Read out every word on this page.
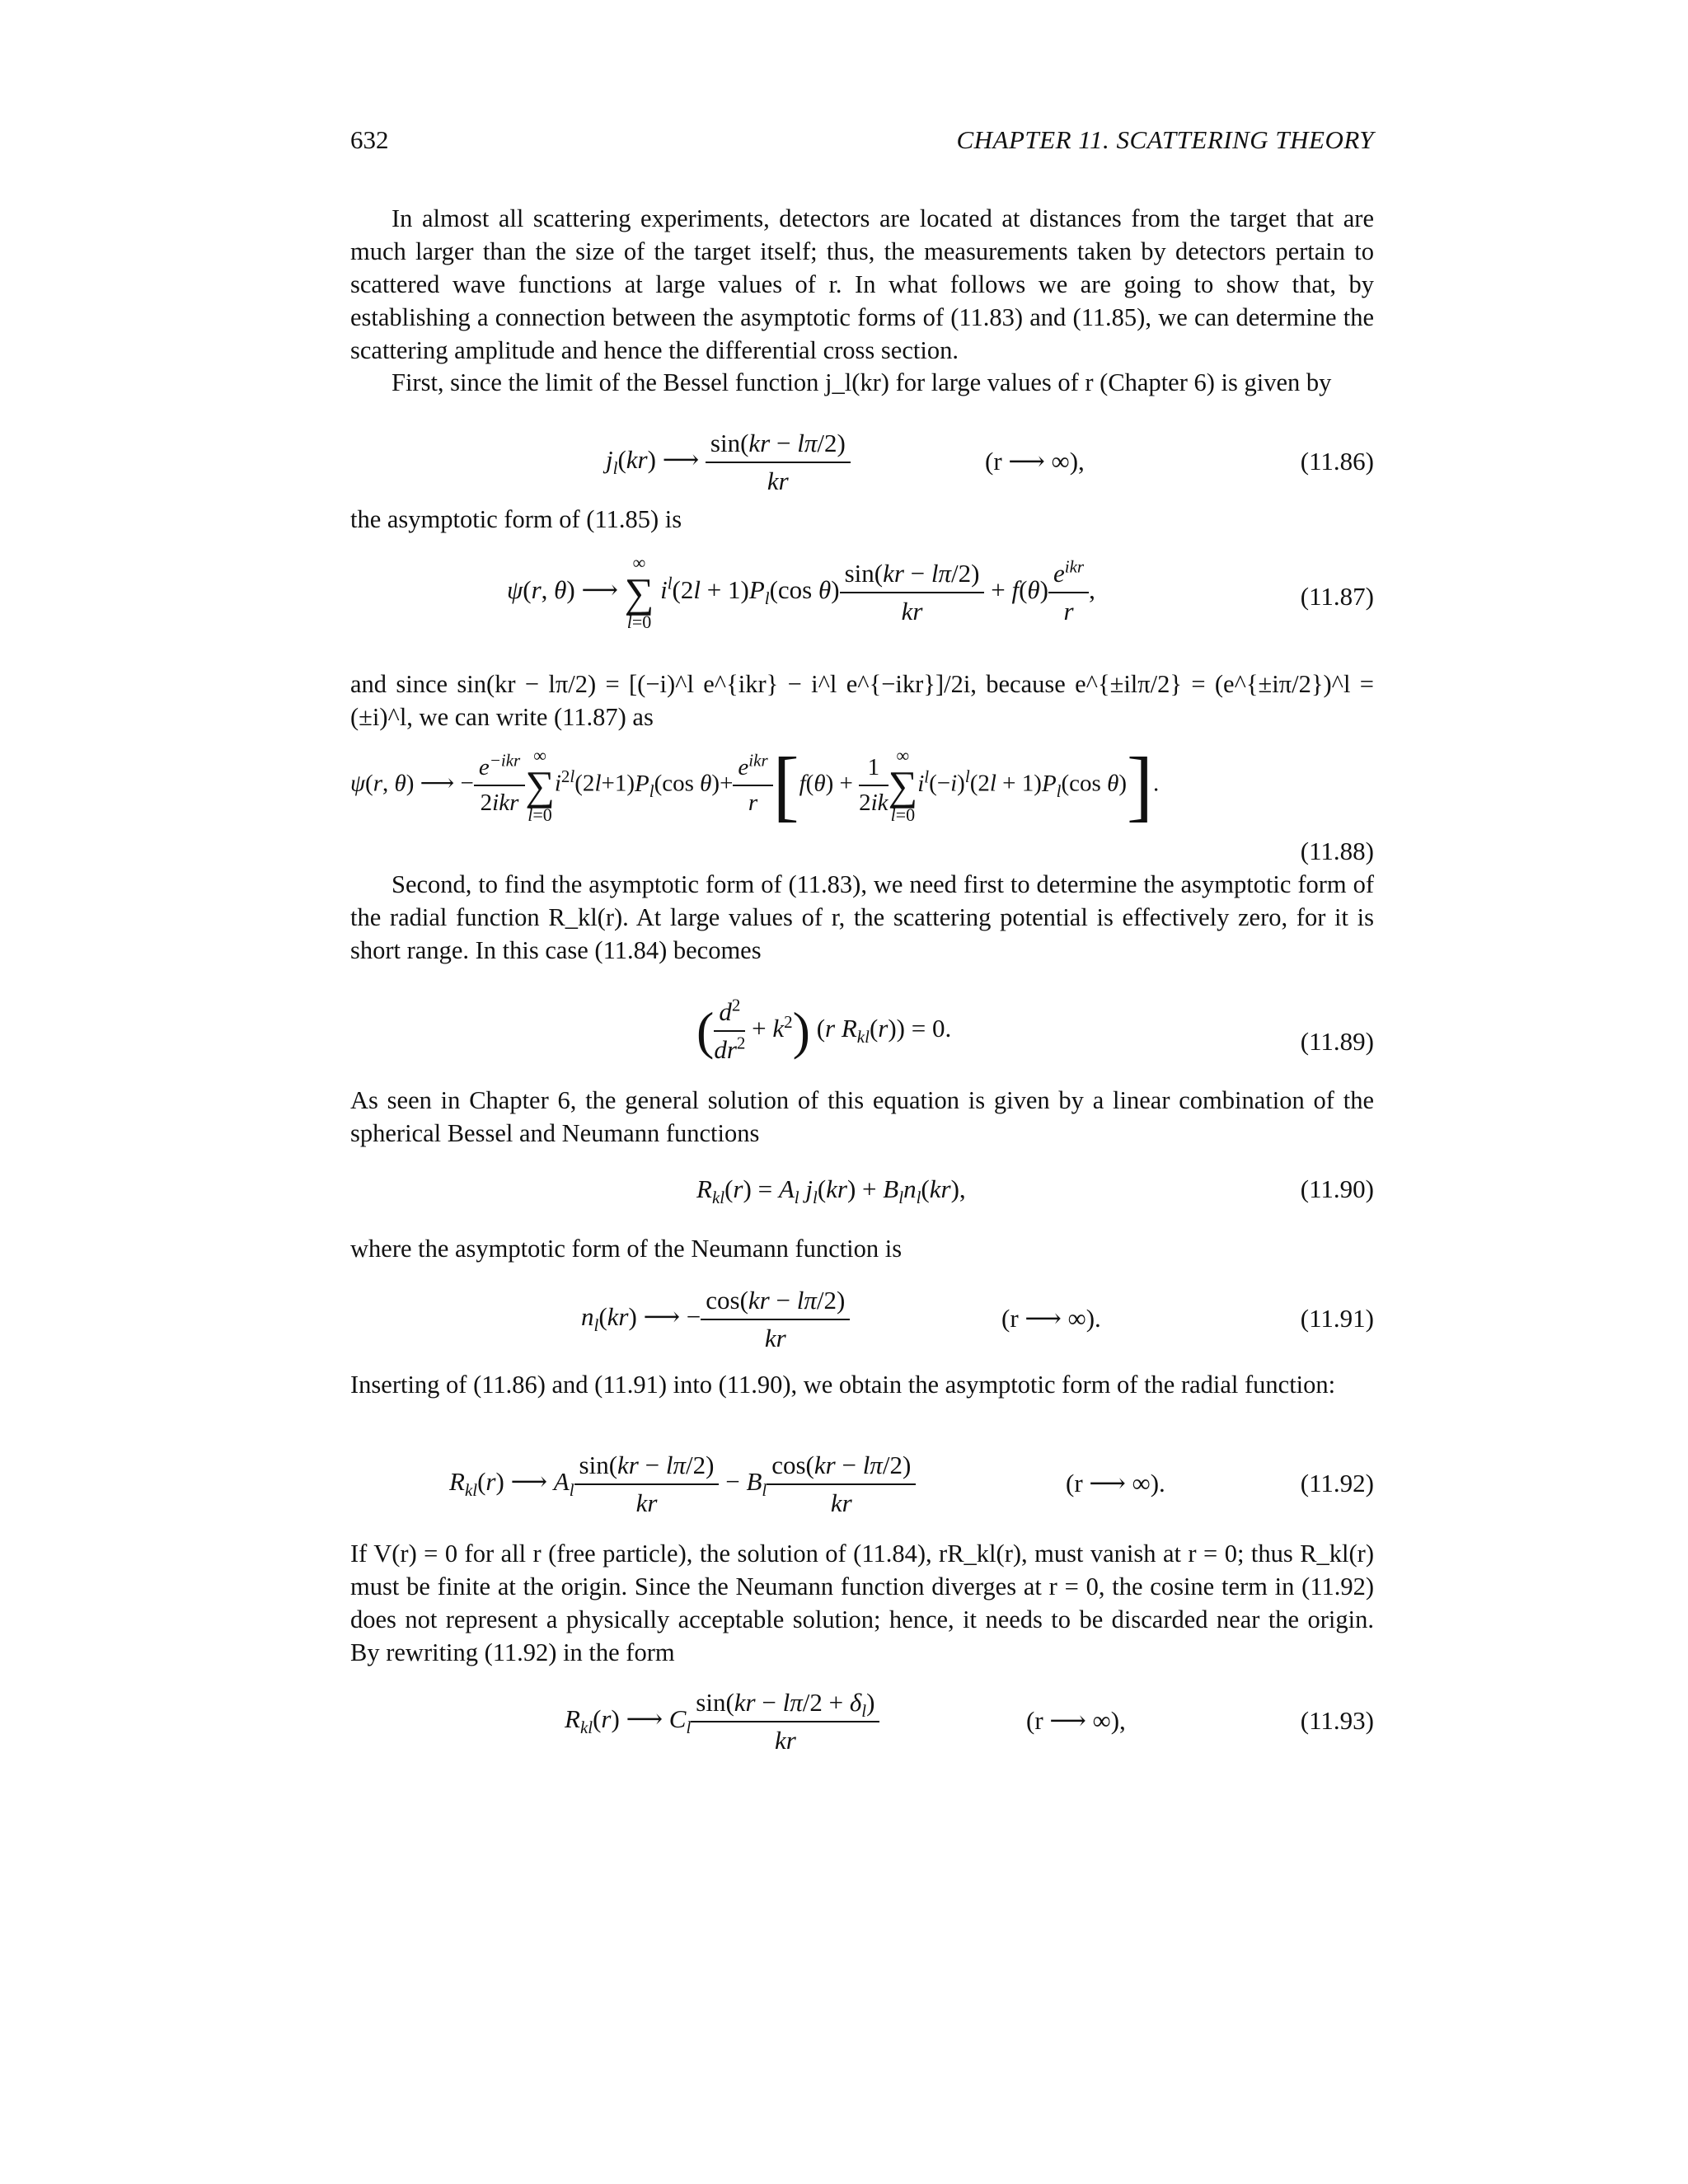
632	CHAPTER 11. SCATTERING THEORY

In almost all scattering experiments, detectors are located at distances from the target that are much larger than the size of the target itself; thus, the measurements taken by detectors pertain to scattered wave functions at large values of r. In what follows we are going to show that, by establishing a connection between the asymptotic forms of (11.83) and (11.85), we can determine the scattering amplitude and hence the differential cross section.

First, since the limit of the Bessel function j_l(kr) for large values of r (Chapter 6) is given by

$j_l(kr)$ ⟶ $\frac{\sin(kr - l\pi/2)}{kr}$	(r ⟶ ∞),	(11.86)

the asymptotic form of (11.85) is

ψ(r, θ) ⟶
∞
∑
l=0
$i^l(2l + 1)P_l(\cos$ $\theta) \frac{\sin(kr - l\pi/2)}{kr} + f(\theta) \frac{e^{ikr}}{r}$ ,	(11.87)

and since sin(kr − lπ/2) = [(−i)^l e^{ikr} − i^l e^{−ikr}]/2i, because e^{±ilπ/2} = (e^{±iπ/2})^l = (±i)^l, we can write (11.87) as

ψ(r, θ) ⟶ − $\frac{e^{-ikr}}{\text{2ikr}}$ ∞
∑
l=0
$i^{2l}(2l+1)P_l(\cos$ $\theta)+ \frac{e^{ikr}}{r} [f(\theta) + \frac{1}{2ik}$ ∞
∑
l=0
$i^l(-i)^l(2l + 1)P_l(\cos$ θ)].
(11.88)

Second, to find the asymptotic form of (11.83), we need first to determine the asymptotic form of the radial function R_kl(r). At large values of r, the scattering potential is effectively zero, for it is short range. In this case (11.84) becomes

( $\frac{d^2}{dr^2} + k^2$) (r $R_{kl}(r)) = 0$.	(11.89)

As seen in Chapter 6, the general solution of this equation is given by a linear combination of the spherical Bessel and Neumann functions

$R_{kl}(r) = A_l$ $j_l(kr) + B_ln_l(kr)$,	(11.90)

where the asymptotic form of the Neumann function is

$n_l(kr)$ ⟶ − $\frac{\cos(kr - l\pi/2)}{kr}$	(r ⟶ ∞).	(11.91)

Inserting of (11.86) and (11.91) into (11.90), we obtain the asymptotic form of the radial function:

$R_{kl}(r)$ ⟶ $A_l \frac{\sin(kr - l\pi/2)}{kr} - B_l \frac{\cos(kr - l\pi/2)}{kr}$	(r ⟶ ∞).	(11.92)

If V(r) = 0 for all r (free particle), the solution of (11.84), rR_kl(r), must vanish at r = 0; thus R_kl(r) must be finite at the origin. Since the Neumann function diverges at r = 0, the cosine term in (11.92) does not represent a physically acceptable solution; hence, it needs to be discarded near the origin. By rewriting (11.92) in the form

$R_{kl}(r)$ ⟶ $C_l \frac{\sin(kr - l\pi/2 + \delta_l)}{kr}$	(r ⟶ ∞),	(11.93)
